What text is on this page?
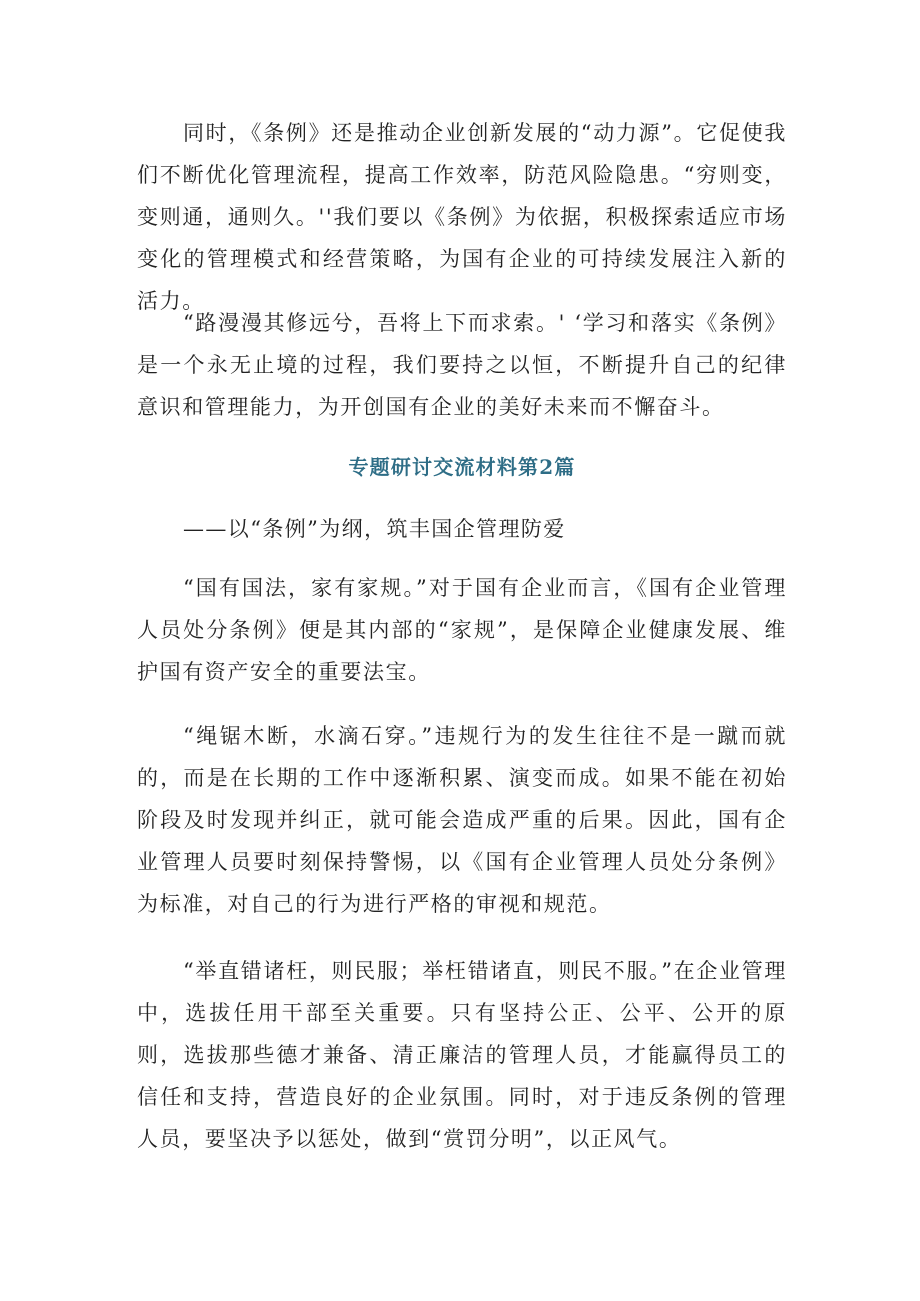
同时，《条例》还是推动企业创新发展的“动力源”。它促使我们不断优化管理流程，提高工作效率，防范风险隐患。“穷则变，变则通，通则久。''我们要以《条例》为依据，积极探索适应市场变化的管理模式和经营策略，为国有企业的可持续发展注入新的活力。

“路漫漫其修远兮，吾将上下而求索。' ‘学习和落实《条例》是一个永无止境的过程，我们要持之以恒，不断提升自己的纪律意识和管理能力，为开创国有企业的美好未来而不懈奋斗。

专题研讨交流材料第2篇

——以“条例”为纲，筑丰国企管理防爱

“国有国法，家有家规。”对于国有企业而言，《国有企业管理人员处分条例》便是其内部的“家规”，是保障企业健康发展、维护国有资产安全的重要法宝。

“绳锯木断，水滴石穿。”违规行为的发生往往不是一蹴而就的，而是在长期的工作中逐渐积累、演变而成。如果不能在初始阶段及时发现并纠正，就可能会造成严重的后果。因此，国有企业管理人员要时刻保持警惕，以《国有企业管理人员处分条例》为标准，对自己的行为进行严格的审视和规范。

“举直错诸枉，则民服；举枉错诸直，则民不服。”在企业管理中，选拔任用干部至关重要。只有坚持公正、公平、公开的原则，选拔那些德才兼备、清正廉洁的管理人员，才能赢得员工的信任和支持，营造良好的企业氛围。同时，对于违反条例的管理人员，要坚决予以惩处，做到“赏罚分明”，以正风气。
